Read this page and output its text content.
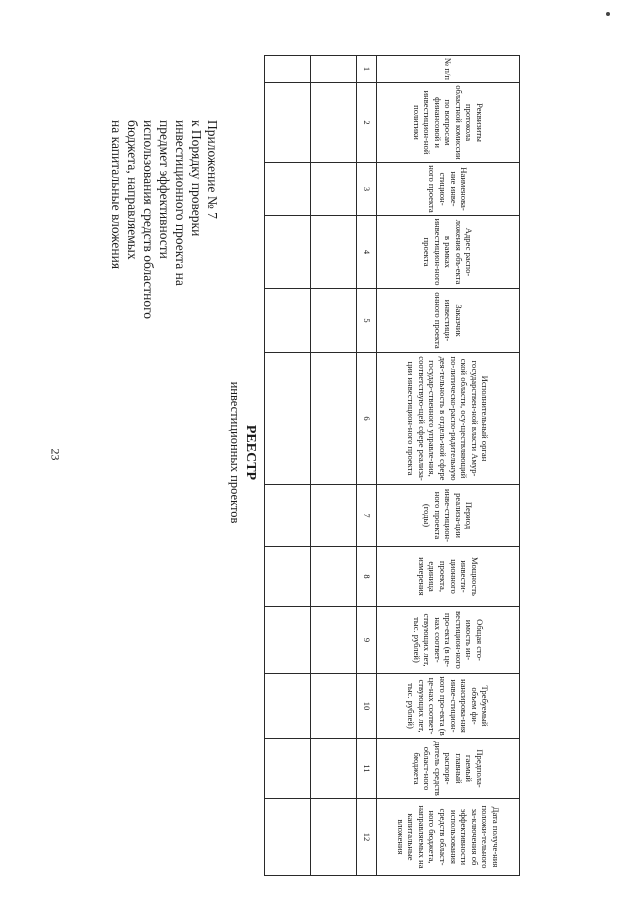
23
Приложение № 7
к Порядку проверки
инвестиционного проекта на
предмет эффективности
использования средств областного
бюджета, направляемых
на капитальные вложения
РЕЕСТР
инвестиционных проектов
№ п/п	Реквизиты протокола областной комиссии по вопросам финансовой и инвестицион-ной политики	Наименова-ние инве-стицион-ного проекта	Адрес распо-ложения объ-екта в рамках инвестицион-ного проекта	Заказчик инвестици-онного проекта	Исполнительный орган государствен-ной власти Амур-ской области, осу-ществляющий по-литическо-распо-рядительную дея-тельность в отдель-ной сфере государ-ственного управле-ния, соответствую-щей сфере реализа-ции инвестицион-ного проекта	Период реализа-ции инве-стицион-ного проекта (годы)	Мощность инвести-ционного проекта, единица измерения	Общая сто-имость ин-вестицион-ного про-екта (в це-нах соответ-ствующих лет, тыс. рублей)	Требуемый объем фи-нансирова-ния инве-стицион-ного про-екта (в це-нах соответ-ствующих лет, тыс. рублей)	Предпола-гаемый главный распоря-дитель средств област-ного бюджета	Дата получе-ния положи-тельного за-ключения об эффективности использования средств област-ного бюджета, направляемых на капитальные вложения
1	2	3	4	5	6	7	8	9	10	11	12
